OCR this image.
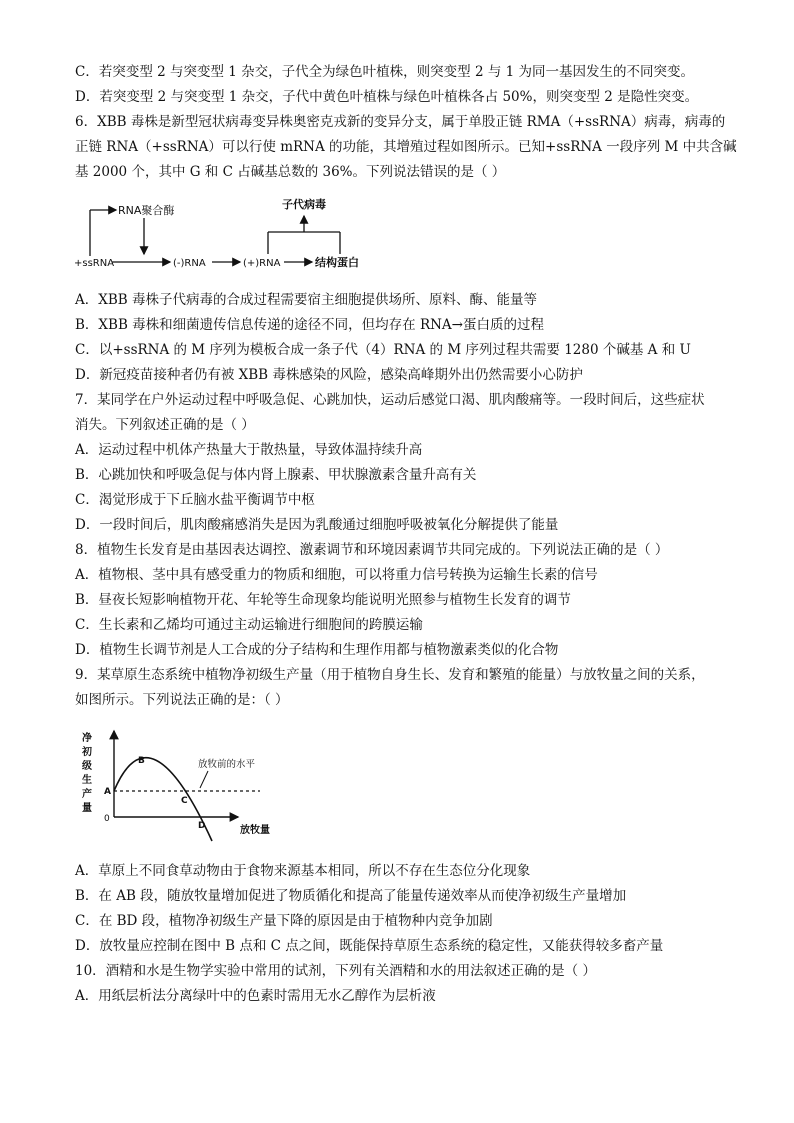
C．若突变型 2 与突变型 1 杂交，子代全为绿色叶植株，则突变型 2 与 1 为同一基因发生的不同突变。
D．若突变型 2 与突变型 1 杂交，子代中黄色叶植株与绿色叶植株各占 50%，则突变型 2 是隐性突变。
6．XBB 毒株是新型冠状病毒变异株奥密克戎新的变异分支，属于单股正链 RMA（+ssRNA）病毒，病毒的
正链 RNA（+ssRNA）可以行使 mRNA 的功能，其增殖过程如图所示。已知+ssRNA 一段序列 M 中共含碱
基 2000 个，其中 G 和 C 占碱基总数的 36%。下列说法错误的是（ ）
RNA聚合酶
+ssRNA	(-)RNA	(+)RNA	结构蛋白
子代病毒
A．XBB 毒株子代病毒的合成过程需要宿主细胞提供场所、原料、酶、能量等
B．XBB 毒株和细菌遗传信息传递的途径不同，但均存在 RNA→蛋白质的过程
C．以+ssRNA 的 M 序列为模板合成一条子代（4）RNA 的 M 序列过程共需要 1280 个碱基 A 和 U
D．新冠疫苗接种者仍有被 XBB 毒株感染的风险，感染高峰期外出仍然需要小心防护
7．某同学在户外运动过程中呼吸急促、心跳加快，运动后感觉口渴、肌肉酸痛等。一段时间后，这些症状
消失。下列叙述正确的是（ ）
A．运动过程中机体产热量大于散热量，导致体温持续升高
B．心跳加快和呼吸急促与体内肾上腺素、甲状腺激素含量升高有关
C．渴觉形成于下丘脑水盐平衡调节中枢
D．一段时间后，肌肉酸痛感消失是因为乳酸通过细胞呼吸被氧化分解提供了能量
8．植物生长发育是由基因表达调控、激素调节和环境因素调节共同完成的。下列说法正确的是（ ）
A．植物根、茎中具有感受重力的物质和细胞，可以将重力信号转换为运输生长素的信号
B．昼夜长短影响植物开花、年轮等生命现象均能说明光照参与植物生长发育的调节
C．生长素和乙烯均可通过主动运输进行细胞间的跨膜运输
D．植物生长调节剂是人工合成的分子结构和生理作用都与植物激素类似的化合物
9．某草原生态系统中植物净初级生产量（用于植物自身生长、发育和繁殖的能量）与放牧量之间的关系，
如图所示。下列说法正确的是：（ ）
净
初
级
生
产
量
0
A
B
C
D
放牧前的水平
放牧量
A．草原上不同食草动物由于食物来源基本相同，所以不存在生态位分化现象
B．在 AB 段，随放牧量增加促进了物质循化和提高了能量传递效率从而使净初级生产量增加
C．在 BD 段，植物净初级生产量下降的原因是由于植物种内竞争加剧
D．放牧量应控制在图中 B 点和 C 点之间，既能保持草原生态系统的稳定性，又能获得较多畜产量
10．酒精和水是生物学实验中常用的试剂，下列有关酒精和水的用法叙述正确的是（ ）
A．用纸层析法分离绿叶中的色素时需用无水乙醇作为层析液
